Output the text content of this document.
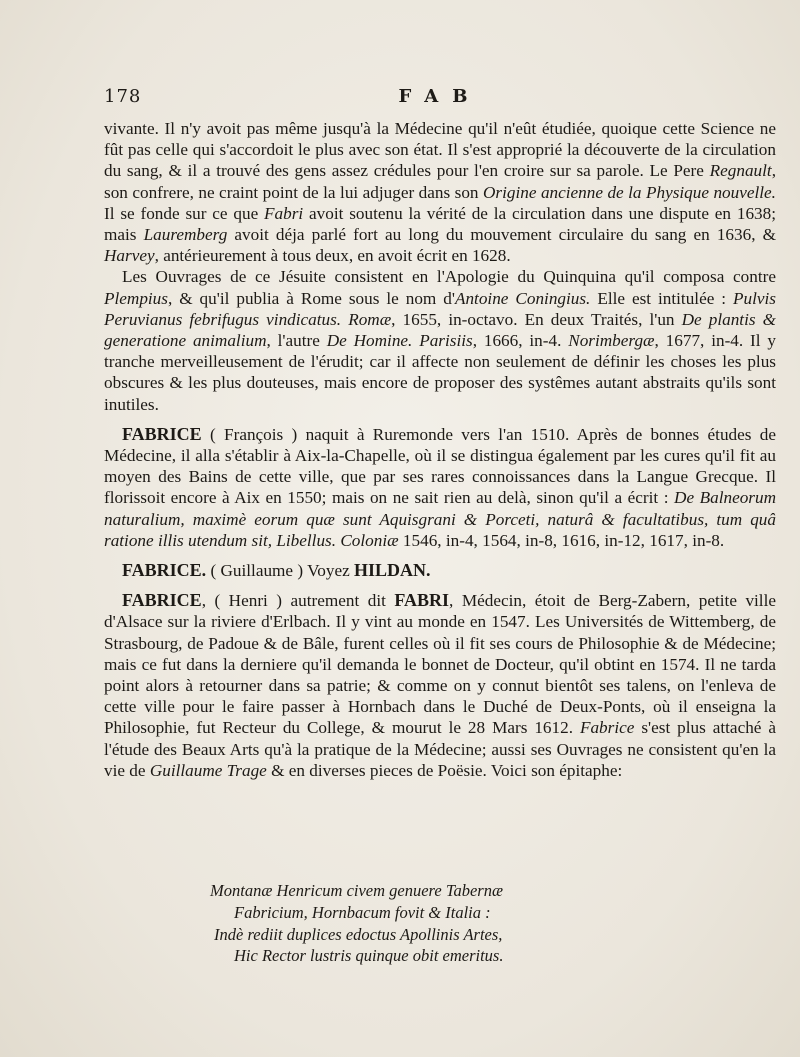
178	FAB

vivante. Il n'y avoit pas même jusqu'à la Médecine qu'il n'eût étudiée, quoique cette Science ne fût pas celle qui s'accordoit le plus avec son état. Il s'est approprié la découverte de la circulation du sang, & il a trouvé des gens assez crédules pour l'en croire sur sa parole. Le Pere Regnault, son confrere, ne craint point de la lui adjuger dans son Origine ancienne de la Physique nouvelle. Il se fonde sur ce que Fabri avoit soutenu la vérité de la circulation dans une dispute en 1638; mais Lauremberg avoit déja parlé fort au long du mouvement circulaire du sang en 1636, & Harvey, antérieurement à tous deux, en avoit écrit en 1628.

Les Ouvrages de ce Jésuite consistent en l'Apologie du Quinquina qu'il composa contre Plempius, & qu'il publia à Rome sous le nom d'Antoine Coningius. Elle est intitulée : Pulvis Peruvianus febrifugus vindicatus. Romæ, 1655, in-octavo. En deux Traités, l'un De plantis & generatione animalium, l'autre De Homine. Parisiis, 1666, in-4. Norimbergæ, 1677, in-4. Il y tranche merveilleusement de l'érudit; car il affecte non seulement de définir les choses les plus obscures & les plus douteuses, mais encore de proposer des systêmes autant abstraits qu'ils sont inutiles.

FABRICE ( François ) naquit à Ruremonde vers l'an 1510. Après de bonnes études de Médecine, il alla s'établir à Aix-la-Chapelle, où il se distingua également par les cures qu'il fit au moyen des Bains de cette ville, que par ses rares connoissances dans la Langue Grecque. Il florissoit encore à Aix en 1550; mais on ne sait rien au delà, sinon qu'il a écrit : De Balneorum naturalium, maximè eorum quæ sunt Aquisgrani & Porceti, naturâ & facultatibus, tum quâ ratione illis utendum sit, Libellus. Coloniæ 1546, in-4, 1564, in-8, 1616, in-12, 1617, in-8.

FABRICE. ( Guillaume ) Voyez HILDAN.

FABRICE, ( Henri ) autrement dit FABRI, Médecin, étoit de Berg-Zabern, petite ville d'Alsace sur la riviere d'Erlbach. Il y vint au monde en 1547. Les Universités de Wittemberg, de Strasbourg, de Padoue & de Bâle, furent celles où il fit ses cours de Philosophie & de Médecine; mais ce fut dans la derniere qu'il demanda le bonnet de Docteur, qu'il obtint en 1574. Il ne tarda point alors à retourner dans sa patrie; & comme on y connut bientôt ses talens, on l'enleva de cette ville pour le faire passer à Hornbach dans le Duché de Deux-Ponts, où il enseigna la Philosophie, fut Recteur du College, & mourut le 28 Mars 1612. Fabrice s'est plus attaché à l'étude des Beaux Arts qu'à la pratique de la Médecine; aussi ses Ouvrages ne consistent qu'en la vie de Guillaume Trage & en diverses pieces de Poësie. Voici son épitaphe:

Montanæ Henricum civem genuere Tabernæ

Fabricium, Hornbacum fovit & Italia :

Indè rediit duplices edoctus Apollinis Artes,

Hic Rector lustris quinque obit emeritus.
